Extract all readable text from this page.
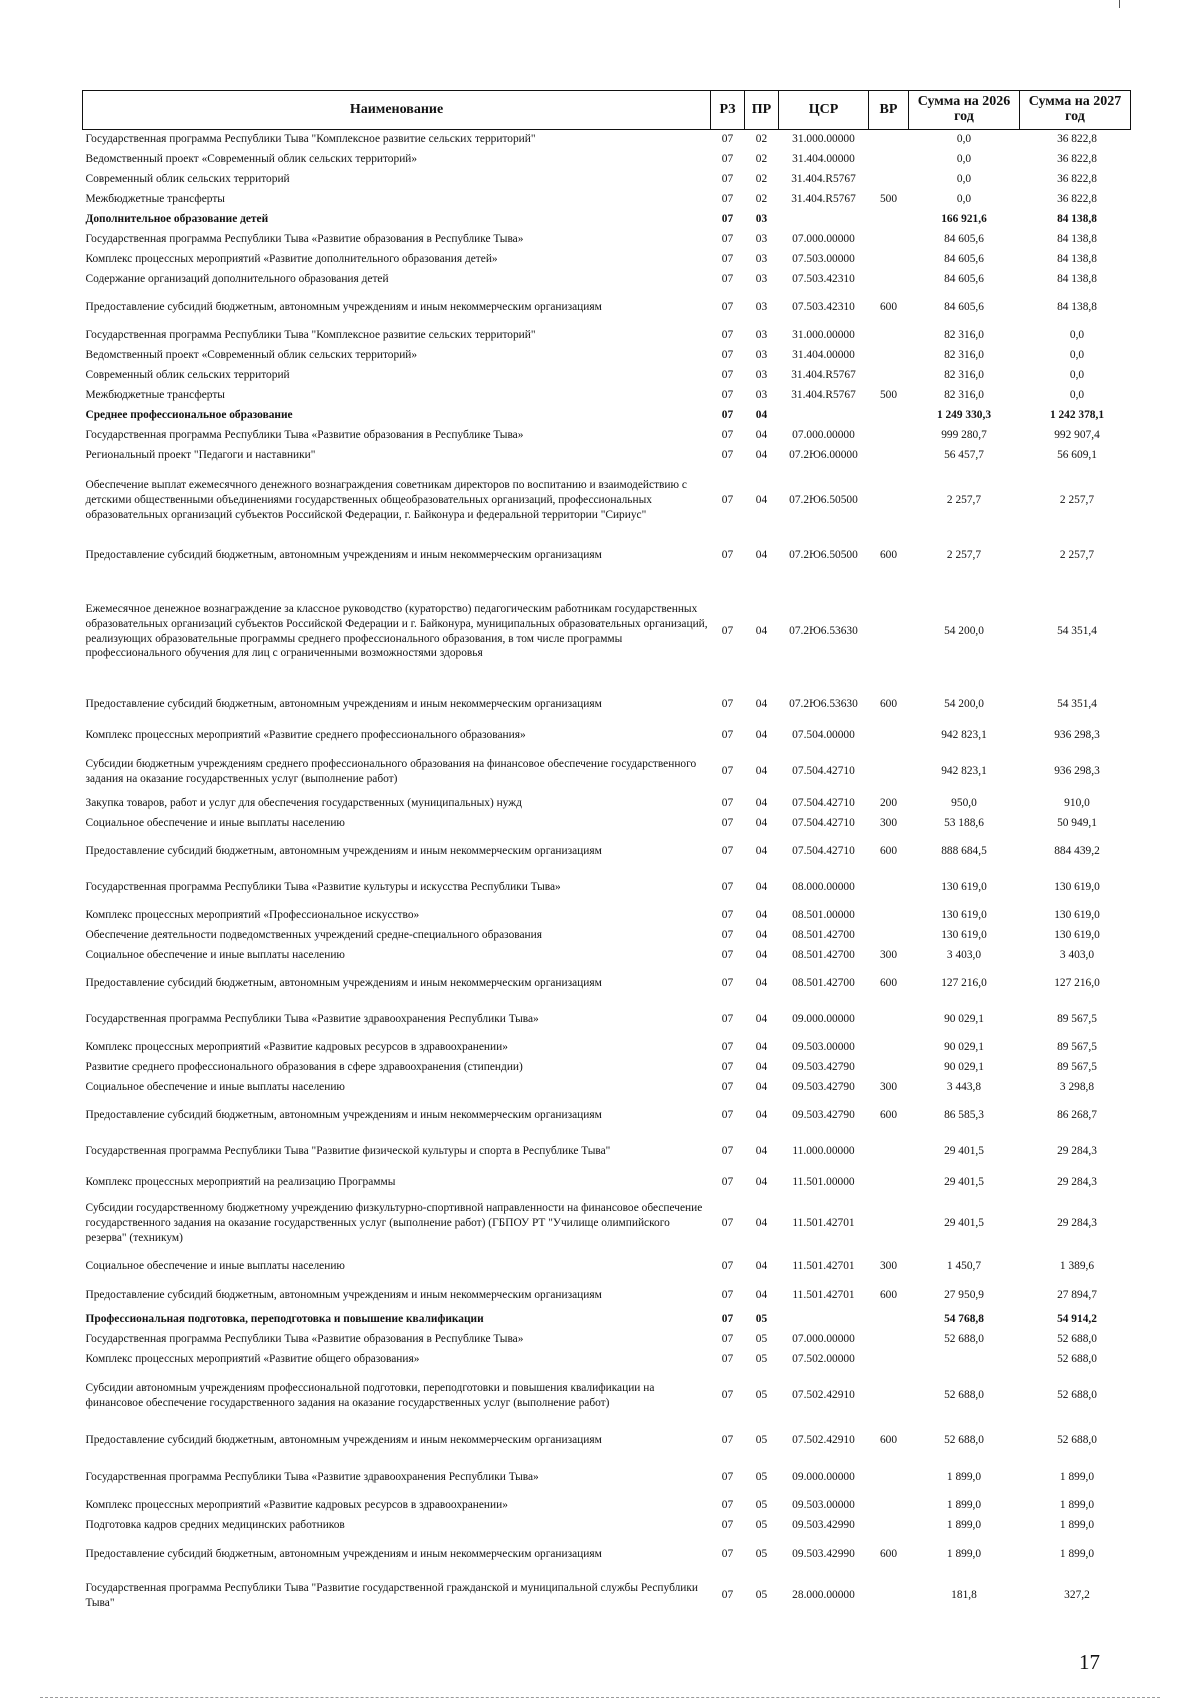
Наименование	РЗ	ПР	ЦСР	ВР	Сумма на 2026 год	Сумма на 2027 год
Государственная программа Республики Тыва "Комплексное развитие сельских территорий"	07	02	31.000.00000		0,0	36 822,8
Ведомственный проект «Современный облик сельских территорий»	07	02	31.404.00000		0,0	36 822,8
Современный облик сельских территорий	07	02	31.404.R5767		0,0	36 822,8
Межбюджетные трансферты	07	02	31.404.R5767	500	0,0	36 822,8
Дополнительное образование детей	07	03			166 921,6	84 138,8
Государственная программа Республики Тыва «Развитие образования в Республике Тыва»	07	03	07.000.00000		84 605,6	84 138,8
Комплекс процессных мероприятий «Развитие дополнительного образования детей»	07	03	07.503.00000		84 605,6	84 138,8
Содержание организаций дополнительного образования детей	07	03	07.503.42310		84 605,6	84 138,8
Предоставление субсидий бюджетным, автономным учреждениям и иным некоммерческим организациям	07	03	07.503.42310	600	84 605,6	84 138,8
Государственная программа Республики Тыва "Комплексное развитие сельских территорий"	07	03	31.000.00000		82 316,0	0,0
Ведомственный проект «Современный облик сельских территорий»	07	03	31.404.00000		82 316,0	0,0
Современный облик сельских территорий	07	03	31.404.R5767		82 316,0	0,0
Межбюджетные трансферты	07	03	31.404.R5767	500	82 316,0	0,0
Среднее профессиональное образование	07	04			1 249 330,3	1 242 378,1
Государственная программа Республики Тыва «Развитие образования в Республике Тыва»	07	04	07.000.00000		999 280,7	992 907,4
Региональный проект "Педагоги и наставники"	07	04	07.2Ю6.00000		56 457,7	56 609,1
Обеспечение выплат ежемесячного денежного вознаграждения советникам директоров по воспитанию и взаимодействию с детскими общественными объединениями государственных общеобразовательных организаций, профессиональных образовательных организаций субъектов Российской Федерации, г. Байконура и федеральной территории "Сириус"	07	04	07.2Ю6.50500		2 257,7	2 257,7
Предоставление субсидий бюджетным, автономным учреждениям и иным некоммерческим организациям	07	04	07.2Ю6.50500	600	2 257,7	2 257,7
Ежемесячное денежное вознаграждение за классное руководство (кураторство) педагогическим работникам государственных образовательных организаций субъектов Российской Федерации и г. Байконура, муниципальных образовательных организаций, реализующих образовательные программы среднего профессионального образования, в том числе программы профессионального обучения для лиц с ограниченными возможностями здоровья	07	04	07.2Ю6.53630		54 200,0	54 351,4
Предоставление субсидий бюджетным, автономным учреждениям и иным некоммерческим организациям	07	04	07.2Ю6.53630	600	54 200,0	54 351,4
Комплекс процессных мероприятий «Развитие среднего профессионального образования»	07	04	07.504.00000		942 823,1	936 298,3
Субсидии бюджетным учреждениям среднего профессионального образования на финансовое обеспечение государственного задания на оказание государственных услуг (выполнение работ)	07	04	07.504.42710		942 823,1	936 298,3
Закупка товаров, работ и услуг для обеспечения государственных (муниципальных) нужд	07	04	07.504.42710	200	950,0	910,0
Социальное обеспечение и иные выплаты населению	07	04	07.504.42710	300	53 188,6	50 949,1
Предоставление субсидий бюджетным, автономным учреждениям и иным некоммерческим организациям	07	04	07.504.42710	600	888 684,5	884 439,2
Государственная программа Республики Тыва «Развитие культуры и искусства Республики Тыва»	07	04	08.000.00000		130 619,0	130 619,0
Комплекс процессных мероприятий «Профессиональное искусство»	07	04	08.501.00000		130 619,0	130 619,0
Обеспечение деятельности подведомственных учреждений средне-специального образования	07	04	08.501.42700		130 619,0	130 619,0
Социальное обеспечение и иные выплаты населению	07	04	08.501.42700	300	3 403,0	3 403,0
Предоставление субсидий бюджетным, автономным учреждениям и иным некоммерческим организациям	07	04	08.501.42700	600	127 216,0	127 216,0
Государственная программа Республики Тыва «Развитие здравоохранения Республики Тыва»	07	04	09.000.00000		90 029,1	89 567,5
Комплекс процессных мероприятий «Развитие кадровых ресурсов в здравоохранении»	07	04	09.503.00000		90 029,1	89 567,5
Развитие среднего профессионального образования в сфере здравоохранения (стипендии)	07	04	09.503.42790		90 029,1	89 567,5
Социальное обеспечение и иные выплаты населению	07	04	09.503.42790	300	3 443,8	3 298,8
Предоставление субсидий бюджетным, автономным учреждениям и иным некоммерческим организациям	07	04	09.503.42790	600	86 585,3	86 268,7
Государственная программа Республики Тыва "Развитие физической культуры и спорта в Республике Тыва"	07	04	11.000.00000		29 401,5	29 284,3
Комплекс процессных мероприятий на реализацию Программы	07	04	11.501.00000		29 401,5	29 284,3
Субсидии государственному бюджетному учреждению физкультурно-спортивной направленности на финансовое обеспечение государственного задания на оказание государственных услуг (выполнение работ) (ГБПОУ РТ "Училище олимпийского резерва" (техникум)	07	04	11.501.42701		29 401,5	29 284,3
Социальное обеспечение и иные выплаты населению	07	04	11.501.42701	300	1 450,7	1 389,6
Предоставление субсидий бюджетным, автономным учреждениям и иным некоммерческим организациям	07	04	11.501.42701	600	27 950,9	27 894,7
Профессиональная подготовка, переподготовка и повышение квалификации	07	05			54 768,8	54 914,2
Государственная программа Республики Тыва «Развитие образования в Республике Тыва»	07	05	07.000.00000		52 688,0	52 688,0
Комплекс процессных мероприятий «Развитие общего образования»	07	05	07.502.00000			52 688,0
Субсидии автономным учреждениям профессиональной подготовки, переподготовки и повышения квалификации на финансовое обеспечение государственного задания на оказание государственных услуг (выполнение работ)	07	05	07.502.42910		52 688,0	52 688,0
Предоставление субсидий бюджетным, автономным учреждениям и иным некоммерческим организациям	07	05	07.502.42910	600	52 688,0	52 688,0
Государственная программа Республики Тыва «Развитие здравоохранения Республики Тыва»	07	05	09.000.00000		1 899,0	1 899,0
Комплекс процессных мероприятий «Развитие кадровых ресурсов в здравоохранении»	07	05	09.503.00000		1 899,0	1 899,0
Подготовка кадров средних медицинских работников	07	05	09.503.42990		1 899,0	1 899,0
Предоставление субсидий бюджетным, автономным учреждениям и иным некоммерческим организациям	07	05	09.503.42990	600	1 899,0	1 899,0
Государственная программа Республики Тыва "Развитие государственной гражданской и муниципальной службы Республики Тыва"	07	05	28.000.00000		181,8	327,2
17
